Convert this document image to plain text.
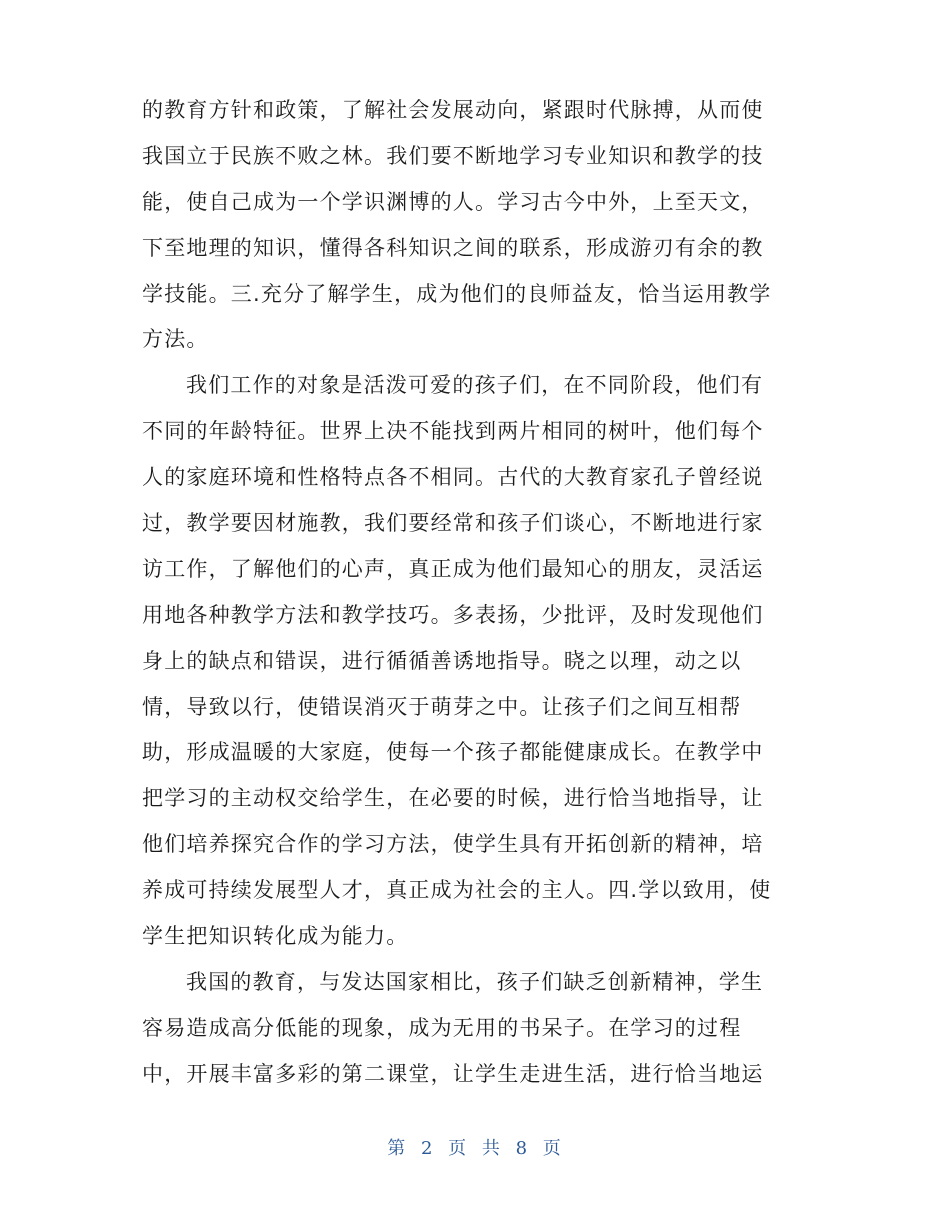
的教育方针和政策，了解社会发展动向，紧跟时代脉搏，从而使
我国立于民族不败之林。我们要不断地学习专业知识和教学的技
能，使自己成为一个学识渊博的人。学习古今中外，上至天文，
下至地理的知识，懂得各科知识之间的联系，形成游刃有余的教
学技能。三.充分了解学生，成为他们的良师益友，恰当运用教学
方法。
我们工作的对象是活泼可爱的孩子们，在不同阶段，他们有
不同的年龄特征。世界上决不能找到两片相同的树叶，他们每个
人的家庭环境和性格特点各不相同。古代的大教育家孔子曾经说
过，教学要因材施教，我们要经常和孩子们谈心，不断地进行家
访工作，了解他们的心声，真正成为他们最知心的朋友，灵活运
用地各种教学方法和教学技巧。多表扬，少批评，及时发现他们
身上的缺点和错误，进行循循善诱地指导。晓之以理，动之以
情，导致以行，使错误消灭于萌芽之中。让孩子们之间互相帮
助，形成温暖的大家庭，使每一个孩子都能健康成长。在教学中
把学习的主动权交给学生，在必要的时候，进行恰当地指导，让
他们培养探究合作的学习方法，使学生具有开拓创新的精神，培
养成可持续发展型人才，真正成为社会的主人。四.学以致用，使
学生把知识转化成为能力。
我国的教育，与发达国家相比，孩子们缺乏创新精神，学生
容易造成高分低能的现象，成为无用的书呆子。在学习的过程
中，开展丰富多彩的第二课堂，让学生走进生活，进行恰当地运
第 2 页 共 8 页
